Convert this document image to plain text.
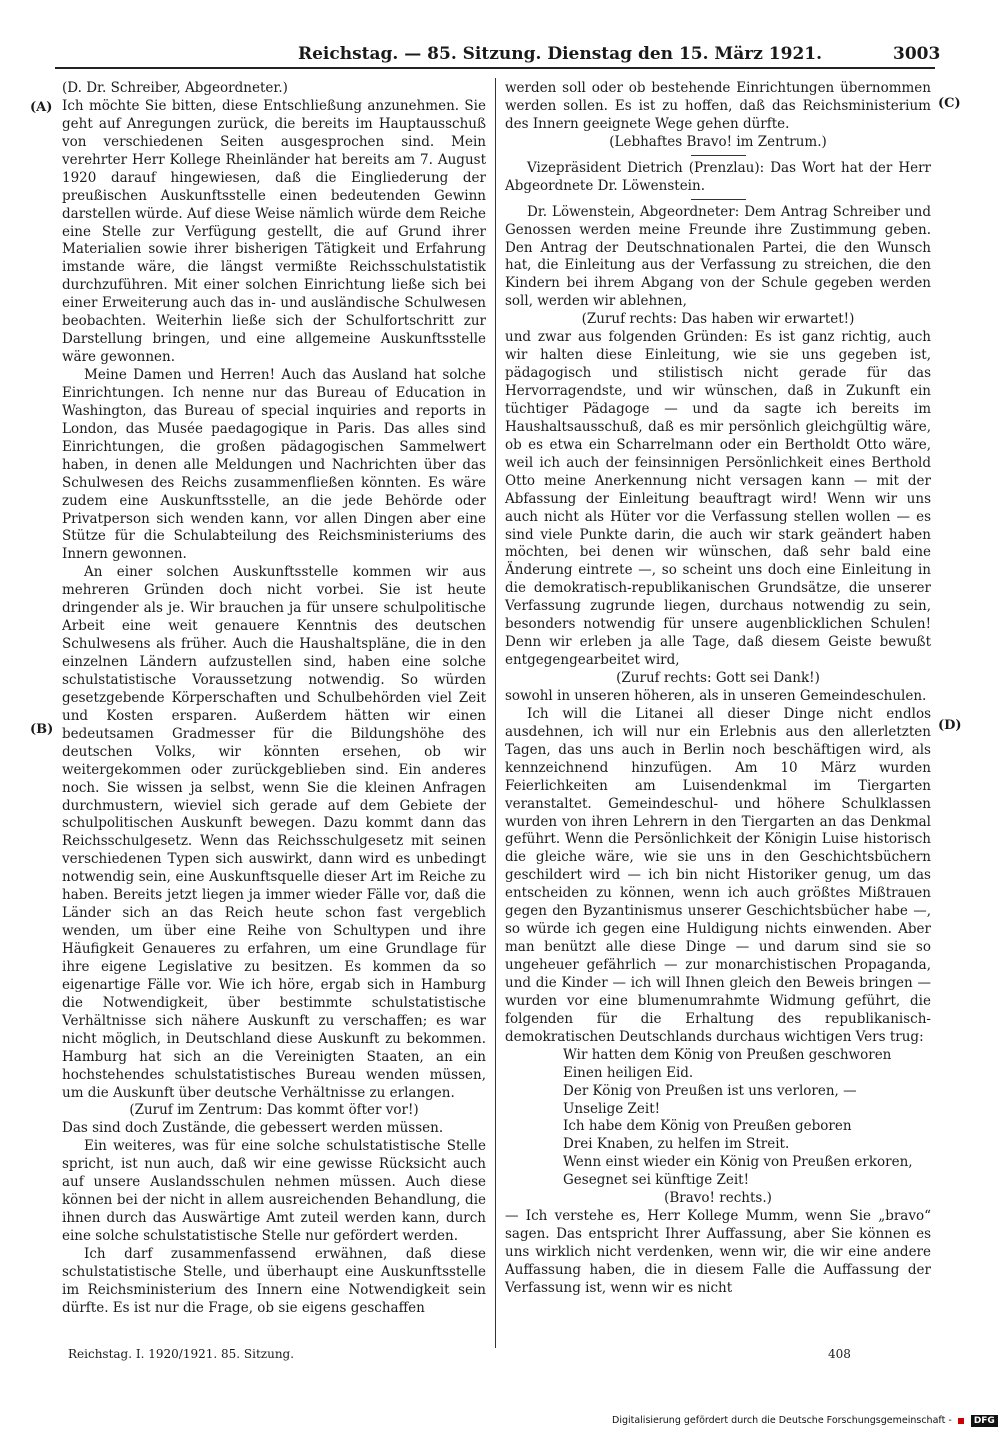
Reichstag. — 85. Sitzung. Dienstag den 15. März 1921.	3003
(A)
(B)
(C)
(D)

(D. Dr. Schreiber, Abgeordneter.)

Ich möchte Sie bitten, diese Entschließung anzunehmen. Sie geht auf Anregungen zurück, die bereits im Hauptausschuß von verschiedenen Seiten ausgesprochen sind. Mein verehrter Herr Kollege Rheinländer hat bereits am 7. August 1920 darauf hingewiesen, daß die Eingliederung der preußischen Auskunftsstelle einen bedeutenden Gewinn darstellen würde. Auf diese Weise nämlich würde dem Reiche eine Stelle zur Verfügung gestellt, die auf Grund ihrer Materialien sowie ihrer bisherigen Tätigkeit und Erfahrung imstande wäre, die längst vermißte Reichsschulstatistik durchzuführen. Mit einer solchen Einrichtung ließe sich bei einer Erweiterung auch das in- und ausländische Schulwesen beobachten. Weiterhin ließe sich der Schulfortschritt zur Darstellung bringen, und eine allgemeine Auskunftsstelle wäre gewonnen.

Meine Damen und Herren! Auch das Ausland hat solche Einrichtungen. Ich nenne nur das Bureau of Education in Washington, das Bureau of special inquiries and reports in London, das Musée paedagogique in Paris. Das alles sind Einrichtungen, die großen pädagogischen Sammelwert haben, in denen alle Meldungen und Nachrichten über das Schulwesen des Reichs zusammenfließen könnten. Es wäre zudem eine Auskunftsstelle, an die jede Behörde oder Privatperson sich wenden kann, vor allen Dingen aber eine Stütze für die Schulabteilung des Reichsministeriums des Innern gewonnen.

An einer solchen Auskunftsstelle kommen wir aus mehreren Gründen doch nicht vorbei. Sie ist heute dringender als je. Wir brauchen ja für unsere schulpolitische Arbeit eine weit genauere Kenntnis des deutschen Schulwesens als früher. Auch die Haushaltspläne, die in den einzelnen Ländern aufzustellen sind, haben eine solche schulstatistische Voraussetzung notwendig. So würden gesetzgebende Körperschaften und Schulbehörden viel Zeit und Kosten ersparen. Außerdem hätten wir einen bedeutsamen Gradmesser für die Bildungshöhe des deutschen Volks, wir könnten ersehen, ob wir weitergekommen oder zurückgeblieben sind. Ein anderes noch. Sie wissen ja selbst, wenn Sie die kleinen Anfragen durchmustern, wieviel sich gerade auf dem Gebiete der schulpolitischen Auskunft bewegen. Dazu kommt dann das Reichsschulgesetz. Wenn das Reichsschulgesetz mit seinen verschiedenen Typen sich auswirkt, dann wird es unbedingt notwendig sein, eine Auskunftsquelle dieser Art im Reiche zu haben. Bereits jetzt liegen ja immer wieder Fälle vor, daß die Länder sich an das Reich heute schon fast vergeblich wenden, um über eine Reihe von Schultypen und ihre Häufigkeit Genaueres zu erfahren, um eine Grundlage für ihre eigene Legislative zu besitzen. Es kommen da so eigenartige Fälle vor. Wie ich höre, ergab sich in Hamburg die Notwendigkeit, über bestimmte schulstatistische Verhältnisse sich nähere Auskunft zu verschaffen; es war nicht möglich, in Deutschland diese Auskunft zu bekommen. Hamburg hat sich an die Vereinigten Staaten, an ein hochstehendes schulstatistisches Bureau wenden müssen, um die Auskunft über deutsche Verhältnisse zu erlangen.

(Zuruf im Zentrum: Das kommt öfter vor!)

Das sind doch Zustände, die gebessert werden müssen.

Ein weiteres, was für eine solche schulstatistische Stelle spricht, ist nun auch, daß wir eine gewisse Rücksicht auch auf unsere Auslandsschulen nehmen müssen. Auch diese können bei der nicht in allem ausreichenden Behandlung, die ihnen durch das Auswärtige Amt zuteil werden kann, durch eine solche schulstatistische Stelle nur gefördert werden.

Ich darf zusammenfassend erwähnen, daß diese schulstatistische Stelle, und überhaupt eine Auskunftsstelle im Reichsministerium des Innern eine Notwendigkeit sein dürfte. Es ist nur die Frage, ob sie eigens geschaffen

werden soll oder ob bestehende Einrichtungen übernommen werden sollen. Es ist zu hoffen, daß das Reichsministerium des Innern geeignete Wege gehen dürfte.

(Lebhaftes Bravo! im Zentrum.)

Vizepräsident Dietrich (Prenzlau): Das Wort hat der Herr Abgeordnete Dr. Löwenstein.

Dr. Löwenstein, Abgeordneter: Dem Antrag Schreiber und Genossen werden meine Freunde ihre Zustimmung geben. Den Antrag der Deutschnationalen Partei, die den Wunsch hat, die Einleitung aus der Verfassung zu streichen, die den Kindern bei ihrem Abgang von der Schule gegeben werden soll, werden wir ablehnen,

(Zuruf rechts: Das haben wir erwartet!)

und zwar aus folgenden Gründen: Es ist ganz richtig, auch wir halten diese Einleitung, wie sie uns gegeben ist, pädagogisch und stilistisch nicht gerade für das Hervorragendste, und wir wünschen, daß in Zukunft ein tüchtiger Pädagoge — und da sagte ich bereits im Haushaltsausschuß, daß es mir persönlich gleichgültig wäre, ob es etwa ein Scharrelmann oder ein Bertholdt Otto wäre, weil ich auch der feinsinnigen Persönlichkeit eines Berthold Otto meine Anerkennung nicht versagen kann — mit der Abfassung der Einleitung beauftragt wird! Wenn wir uns auch nicht als Hüter vor die Verfassung stellen wollen — es sind viele Punkte darin, die auch wir stark geändert haben möchten, bei denen wir wünschen, daß sehr bald eine Änderung eintrete —, so scheint uns doch eine Einleitung in die demokratisch-republikanischen Grundsätze, die unserer Verfassung zugrunde liegen, durchaus notwendig zu sein, besonders notwendig für unsere augenblicklichen Schulen! Denn wir erleben ja alle Tage, daß diesem Geiste bewußt entgegengearbeitet wird,

(Zuruf rechts: Gott sei Dank!)

sowohl in unseren höheren, als in unseren Gemeindeschulen.

Ich will die Litanei all dieser Dinge nicht endlos ausdehnen, ich will nur ein Erlebnis aus den allerletzten Tagen, das uns auch in Berlin noch beschäftigen wird, als kennzeichnend hinzufügen. Am 10 März wurden Feierlichkeiten am Luisendenkmal im Tiergarten veranstaltet. Gemeindeschul- und höhere Schulklassen wurden von ihren Lehrern in den Tiergarten an das Denkmal geführt. Wenn die Persönlichkeit der Königin Luise historisch die gleiche wäre, wie sie uns in den Geschichtsbüchern geschildert wird — ich bin nicht Historiker genug, um das entscheiden zu können, wenn ich auch größtes Mißtrauen gegen den Byzantinismus unserer Geschichtsbücher habe —, so würde ich gegen eine Huldigung nichts einwenden. Aber man benützt alle diese Dinge — und darum sind sie so ungeheuer gefährlich — zur monarchistischen Propaganda, und die Kinder — ich will Ihnen gleich den Beweis bringen — wurden vor eine blumenumrahmte Widmung geführt, die folgenden für die Erhaltung des republikanisch-demokratischen Deutschlands durchaus wichtigen Vers trug:

Wir hatten dem König von Preußen geschworen

Einen heiligen Eid.

Der König von Preußen ist uns verloren, —

Unselige Zeit!

Ich habe dem König von Preußen geboren

Drei Knaben, zu helfen im Streit.

Wenn einst wieder ein König von Preußen erkoren,

Gesegnet sei künftige Zeit!

(Bravo! rechts.)

— Ich verstehe es, Herr Kollege Mumm, wenn Sie „bravo“ sagen. Das entspricht Ihrer Auffassung, aber Sie können es uns wirklich nicht verdenken, wenn wir, die wir eine andere Auffassung haben, die in diesem Falle die Auffassung der Verfassung ist, wenn wir es nicht

Reichstag. I. 1920/1921. 85. Sitzung.	408
Digitalisierung gefördert durch die Deutsche Forschungsgemeinschaft - DFG
